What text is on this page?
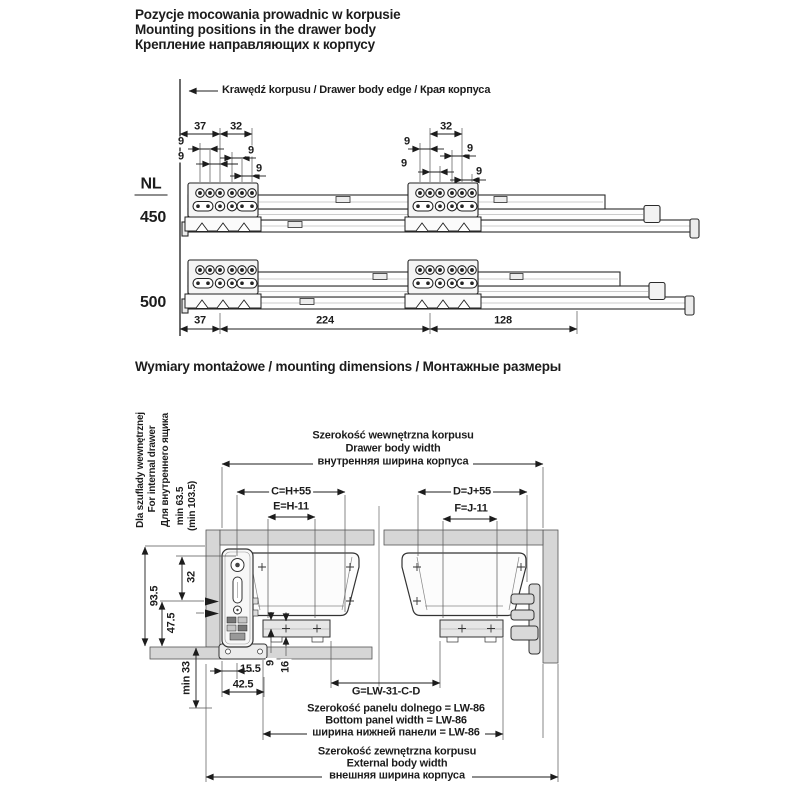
Pozycje mocowania prowadnic w korpusie
Mounting positions in the drawer body
Крепление направляющих к корпусу
Krawędź korpusu / Drawer body edge / Края корпуса
NL
450
500
37 32
9
9	9
9
32
9
9
9
9
37	224	128
Wymiary montażowe / mounting dimensions / Монтажные размеры
Dla szuflady wewnętrznej For internal drawer Для внутреннего ящика min 63.5 (min 103.5)
Szerokość wewnętrzna korpusu
Drawer body width
внутренняя ширина корпуса
C=H+55
E=H-11
D=J+55
F=J-11
93.5
32
47.5
min 33	15.5
42.5
9 16
G=LW-31-C-D
Szerokość panelu dolnego = LW-86
Bottom panel width = LW-86
ширина нижней панели = LW-86
Szerokość zewnętrzna korpusu
External body width
внешняя ширина корпуса
